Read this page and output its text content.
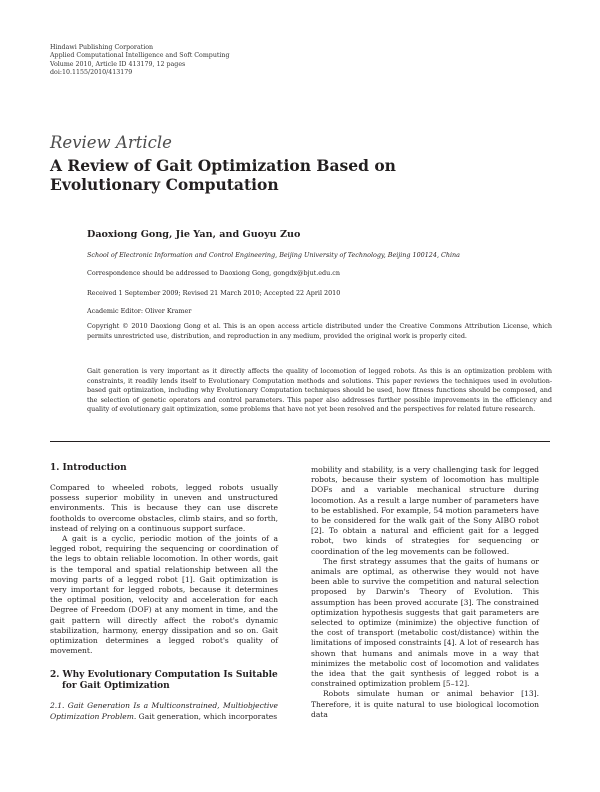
Hindawi Publishing Corporation
Applied Computational Intelligence and Soft Computing
Volume 2010, Article ID 413179, 12 pages
doi:10.1155/2010/413179
Review Article
A Review of Gait Optimization Based on
Evolutionary Computation
Daoxiong Gong, Jie Yan, and Guoyu Zuo
School of Electronic Information and Control Engineering, Beijing University of Technology, Beijing 100124, China
Correspondence should be addressed to Daoxiong Gong, gongdx@bjut.edu.cn
Received 1 September 2009; Revised 21 March 2010; Accepted 22 April 2010
Academic Editor: Oliver Kramer
Copyright © 2010 Daoxiong Gong et al. This is an open access article distributed under the Creative Commons Attribution License, which permits unrestricted use, distribution, and reproduction in any medium, provided the original work is properly cited.
Gait generation is very important as it directly affects the quality of locomotion of legged robots. As this is an optimization problem with constraints, it readily lends itself to Evolutionary Computation methods and solutions. This paper reviews the techniques used in evolution-based gait optimization, including why Evolutionary Computation techniques should be used, how fitness functions should be composed, and the selection of genetic operators and control parameters. This paper also addresses further possible improvements in the efficiency and quality of evolutionary gait optimization, some problems that have not yet been resolved and the perspectives for related future research.
1. Introduction

Compared to wheeled robots, legged robots usually possess superior mobility in uneven and unstructured environments. This is because they can use discrete footholds to overcome obstacles, climb stairs, and so forth, instead of relying on a continuous support surface.

A gait is a cyclic, periodic motion of the joints of a legged robot, requiring the sequencing or coordination of the legs to obtain reliable locomotion. In other words, gait is the temporal and spatial relationship between all the moving parts of a legged robot [1]. Gait optimization is very important for legged robots, because it determines the optimal position, velocity and acceleration for each Degree of Freedom (DOF) at any moment in time, and the gait pattern will directly affect the robot's dynamic stabilization, harmony, energy dissipation and so on. Gait optimization determines a legged robot's quality of movement.

2. Why Evolutionary Computation Is Suitable
for Gait Optimization

2.1. Gait Generation Is a Multiconstrained, Multiobjective Optimization Problem. Gait generation, which incorporates

mobility and stability, is a very challenging task for legged robots, because their system of locomotion has multiple DOFs and a variable mechanical structure during locomotion. As a result a large number of parameters have to be established. For example, 54 motion parameters have to be considered for the walk gait of the Sony AIBO robot [2]. To obtain a natural and efficient gait for a legged robot, two kinds of strategies for sequencing or coordination of the leg movements can be followed.

The first strategy assumes that the gaits of humans or animals are optimal, as otherwise they would not have been able to survive the competition and natural selection proposed by Darwin's Theory of Evolution. This assumption has been proved accurate [3]. The constrained optimization hypothesis suggests that gait parameters are selected to optimize (minimize) the objective function of the cost of transport (metabolic cost/distance) within the limitations of imposed constraints [4]. A lot of research has shown that humans and animals move in a way that minimizes the metabolic cost of locomotion and validates the idea that the gait synthesis of legged robot is a constrained optimization problem [5–12].

Robots simulate human or animal behavior [13]. Therefore, it is quite natural to use biological locomotion data
